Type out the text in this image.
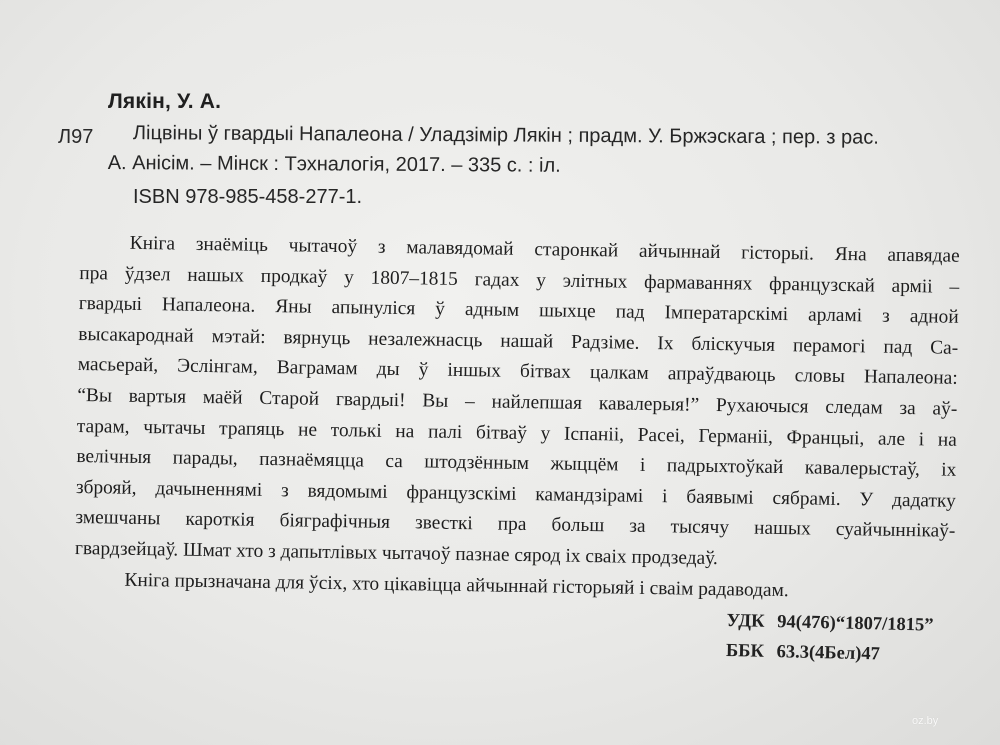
Л97
Лякін, У. А.
Ліцвіны ў гвардыі Напалеона / Уладзімір Лякін ; прадм. У. Бржэскага ; пер. з рас.
А. Анісім. – Мінск : Тэхналогія, 2017. – 335 с. : іл.
ISBN 978-985-458-277-1.

Кніга знаёміць чытачоў з малавядомай старонкай айчыннай гісторыі. Яна апавядае
пра ўдзел нашых продкаў у 1807–1815 гадах у элітных фармаваннях французскай арміі –
гвардыі Напалеона. Яны апынуліся ў адным шыхце пад Імператарскімі арламі з адной
высакароднай мэтай: вярнуць незалежнасць нашай Радзіме. Іх бліскучыя перамогі пад Са-
масьерай, Эслінгам, Ваграмам ды ў іншых бітвах цалкам апраўдваюць словы Напалеона:
“Вы вартыя маёй Старой гвардыі! Вы – найлепшая кавалерыя!” Рухаючыся следам за аў-
тарам, чытачы трапяць не толькі на палі бітваў у Іспаніі, Расеі, Германіі, Францыі, але і на
велічныя парады, пазнаёмяцца са штодзённым жыццём і падрыхтоўкай кавалерыстаў, іх
зброяй, дачыненнямі з вядомымі французскімі камандзірамі і баявымі сябрамі. У дадатку
змешчаны кароткія біяграфічныя звесткі пра больш за тысячу нашых суайчыннікаў-
гвардзейцаў. Шмат хто з дапытлівых чытачоў пазнае сярод іх сваіх продзедаў.

Кніга прызначана для ўсіх, хто цікавіцца айчыннай гісторыяй і сваім радаводам.

УДК 94(476)“1807/1815”
ББК 63.3(4Бел)47
oz.by
